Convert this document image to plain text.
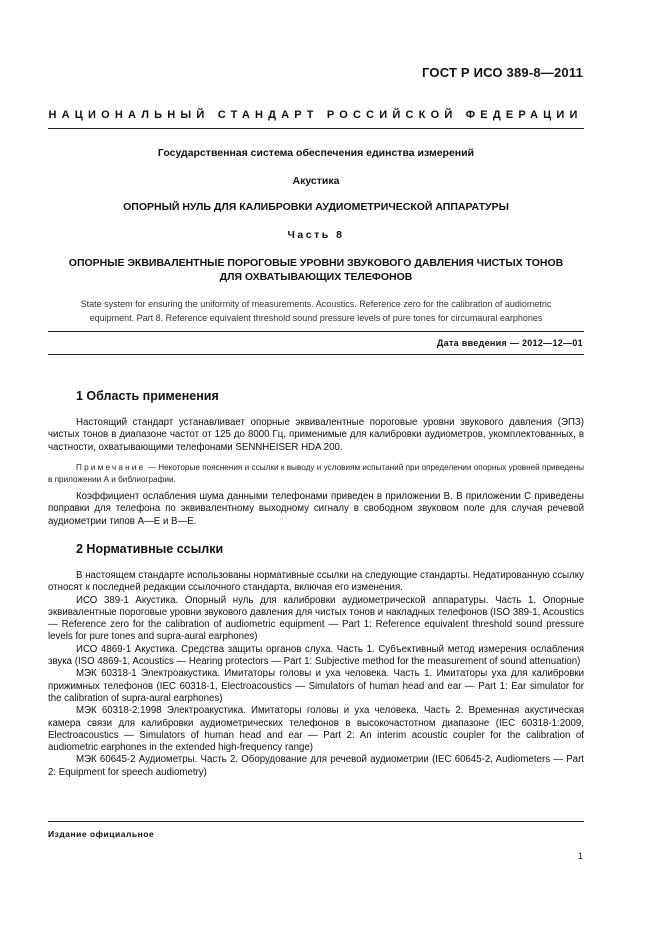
ГОСТ Р ИСО 389-8—2011
НАЦИОНАЛЬНЫЙ СТАНДАРТ РОССИЙСКОЙ ФЕДЕРАЦИИ
Государственная система обеспечения единства измерений
Акустика
ОПОРНЫЙ НУЛЬ ДЛЯ КАЛИБРОВКИ АУДИОМЕТРИЧЕСКОЙ АППАРАТУРЫ
Часть 8
ОПОРНЫЕ ЭКВИВАЛЕНТНЫЕ ПОРОГОВЫЕ УРОВНИ ЗВУКОВОГО ДАВЛЕНИЯ ЧИСТЫХ ТОНОВ
ДЛЯ ОХВАТЫВАЮЩИХ ТЕЛЕФОНОВ
State system for ensuring the uniformity of measurements. Acoustics. Reference zero for the calibration of audiometric
equipment. Part 8. Reference equivalent threshold sound pressure levels of pure tones for circumaural earphones
Дата введения — 2012—12—01
1 Область применения

Настоящий стандарт устанавливает опорные эквивалентные пороговые уровни звукового давления (ЭПЗ) чистых тонов в диапазоне частот от 125 до 8000 Гц, применимые для калибровки аудиометров, укомплектованных, в частности, охватывающими телефонами SENNHEISER HDA 200.

Примечание — Некоторые пояснения и ссылки к выводу и условиям испытаний при определении опорных уровней приведены в приложении А и библиографии.

Коэффициент ослабления шума данными телефонами приведен в приложении В. В приложении С приведены поправки для телефона по эквивалентному выходному сигналу в свободном звуковом поле для случая речевой аудиометрии типов А—Е и В—Е.

2 Нормативные ссылки

В настоящем стандарте использованы нормативные ссылки на следующие стандарты. Недатированную ссылку относят к последней редакции ссылочного стандарта, включая его изменения.

ИСО 389-1 Акустика. Опорный нуль для калибровки аудиометрической аппаратуры. Часть 1. Опорные эквивалентные пороговые уровни звукового давления для чистых тонов и накладных телефонов (ISO 389-1, Acoustics — Reference zero for the calibration of audiometric equipment — Part 1: Reference equivalent threshold sound pressure levels for pure tones and supra-aural earphones)

ИСО 4869-1 Акустика. Средства защиты органов слуха. Часть 1. Субъективный метод измерения ослабления звука (ISO 4869-1, Acoustics — Hearing protectors — Part 1: Subjective method for the measurement of sound attenuation)

МЭК 60318-1 Электроакустика. Имитаторы головы и уха человека. Часть 1. Имитаторы уха для калибровки прижимных телефонов (IEC 60318-1, Electroacoustics — Simulators of human head and ear — Part 1: Ear simulator for the calibration of supra-aural earphones)

МЭК 60318-2:1998 Электроакустика. Имитаторы головы и уха человека. Часть 2. Временная акустическая камера связи для калибровки аудиометрических телефонов в высокочастотном диапазоне (IEC 60318-1:2009, Electroacoustics — Simulators of human head and ear — Part 2: An interim acoustic coupler for the calibration of audiometric earphones in the extended high-frequency range)

МЭК 60645-2 Аудиометры. Часть 2. Оборудование для речевой аудиометрии (IEC 60645-2, Audiometers — Part 2: Equipment for speech audiometry)

Издание официальное
1
